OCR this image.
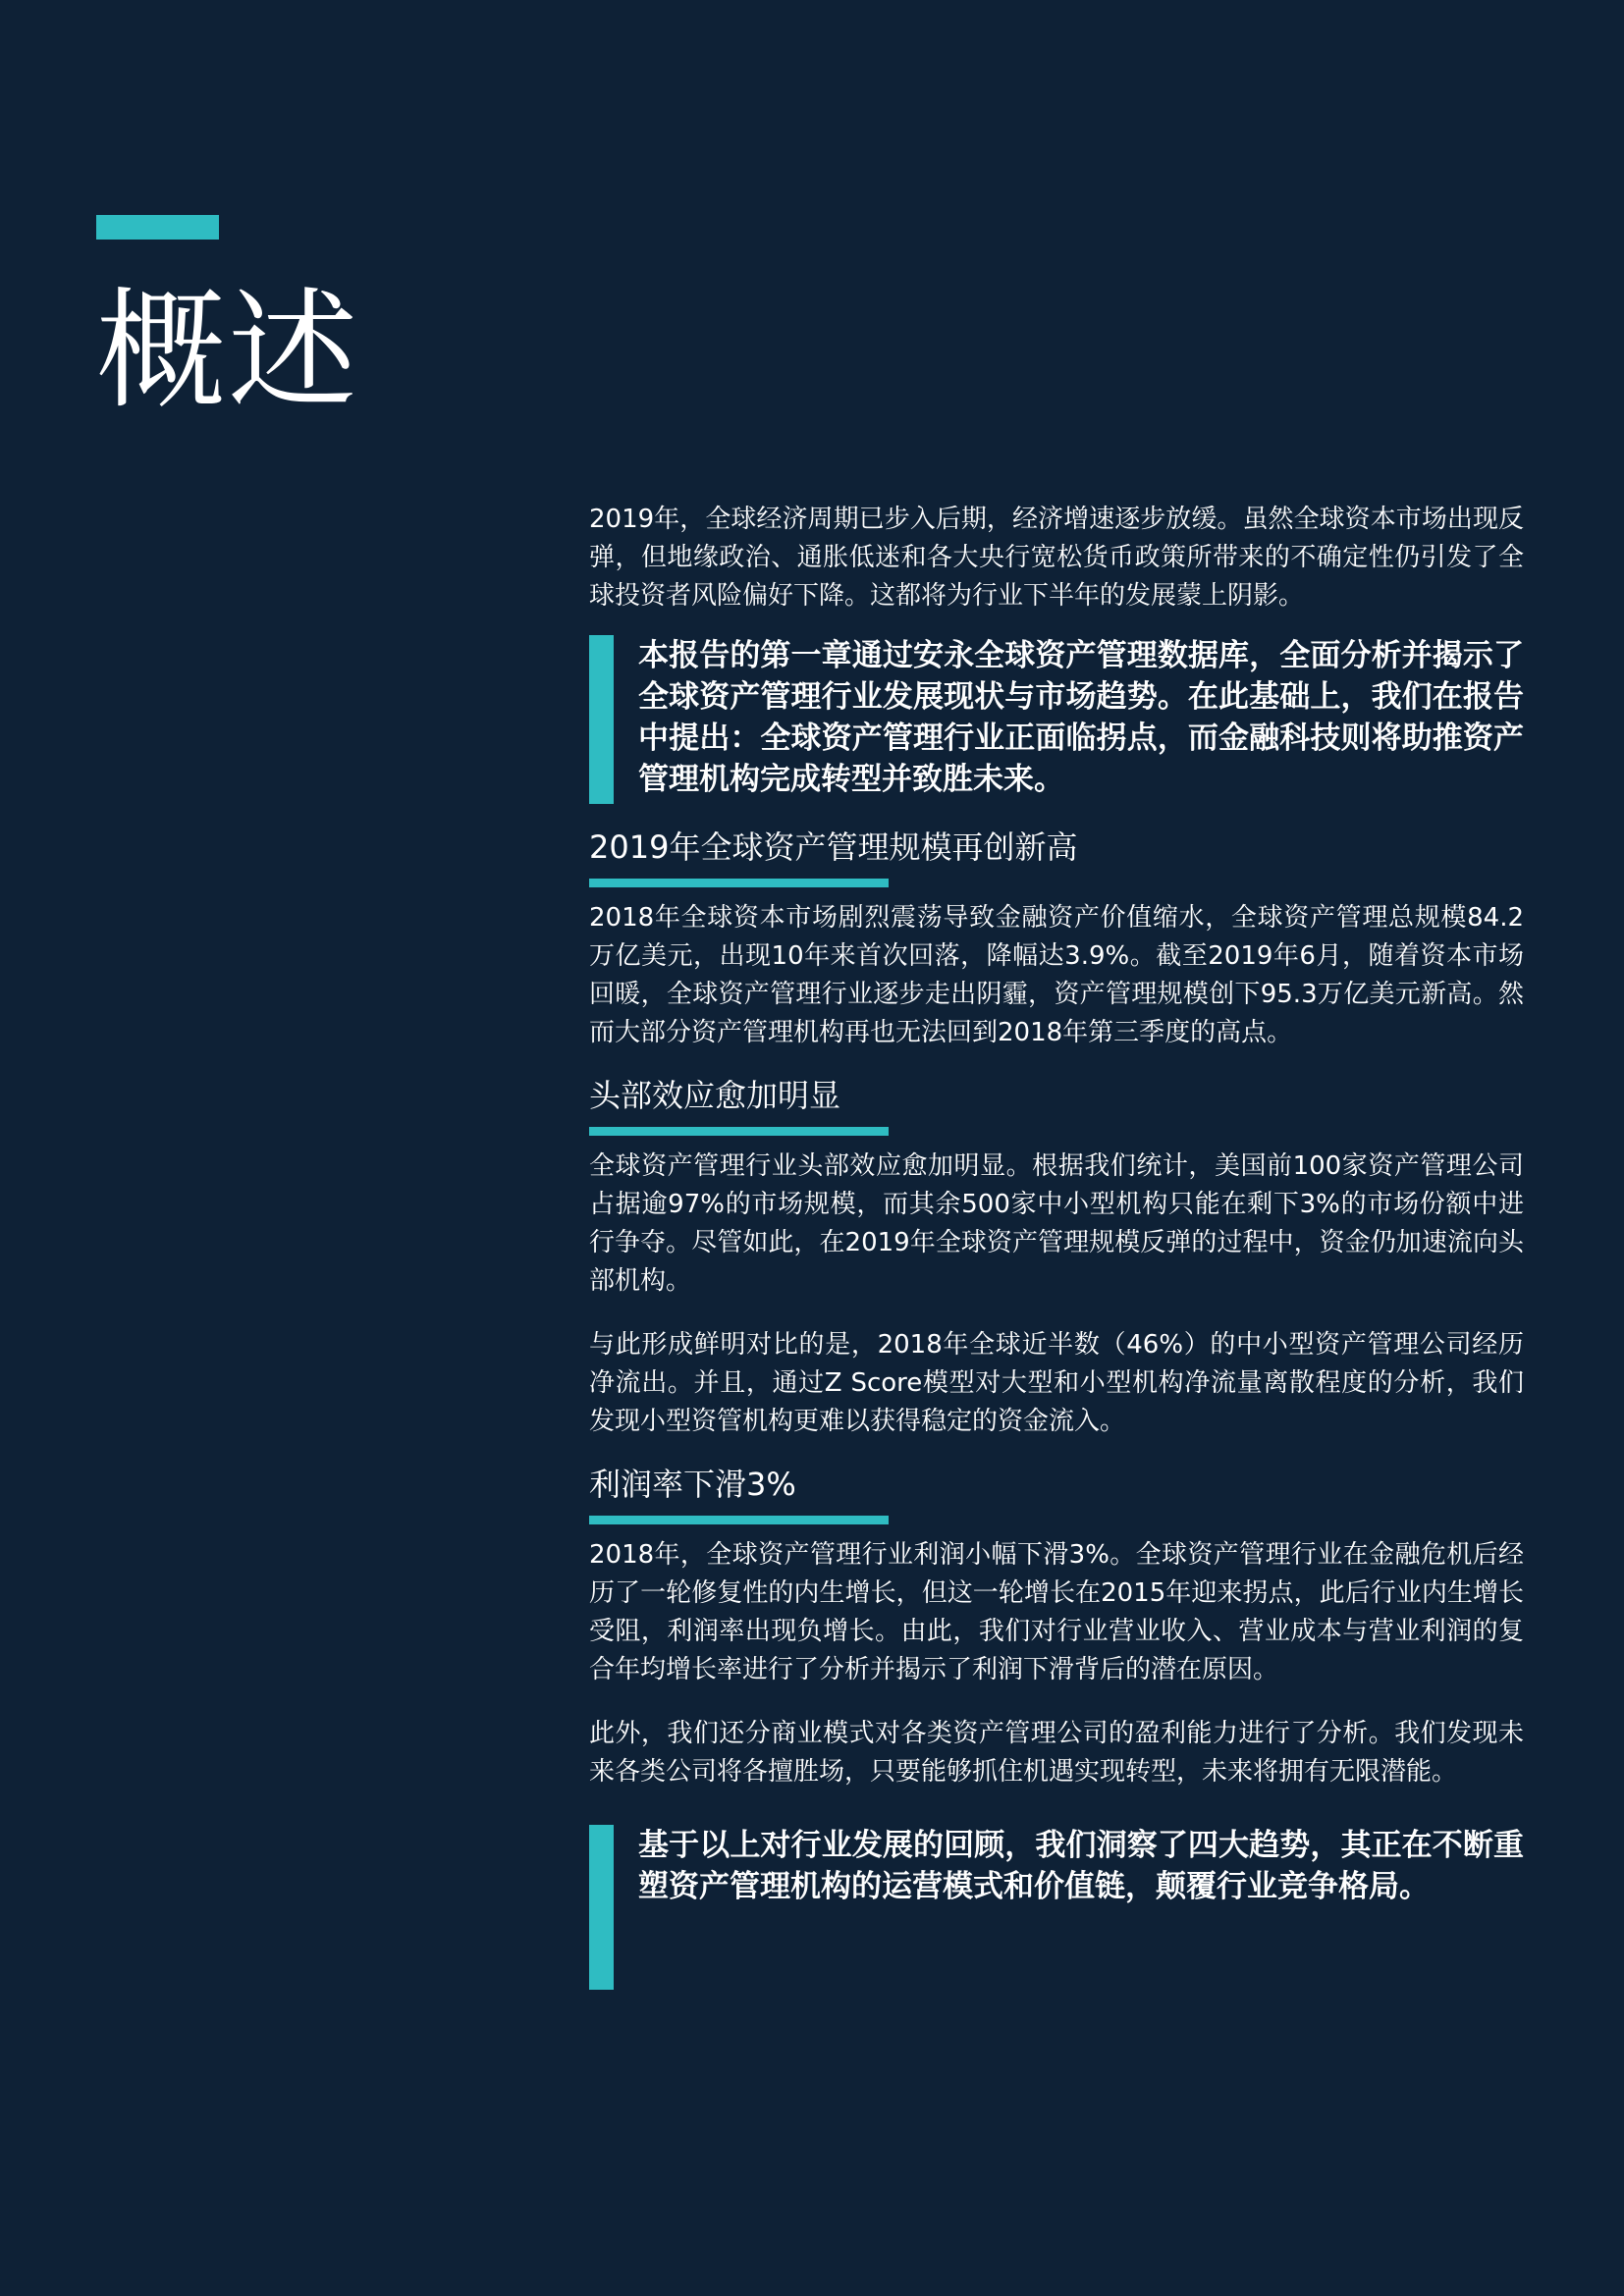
概述

2019年，全球经济周期已步入后期，经济增速逐步放缓。虽然全球资本市场出现反弹，但地缘政治、通胀低迷和各大央行宽松货币政策所带来的不确定性仍引发了全球投资者风险偏好下降。这都将为行业下半年的发展蒙上阴影。

本报告的第一章通过安永全球资产管理数据库，全面分析并揭示了全球资产管理行业发展现状与市场趋势。在此基础上，我们在报告中提出：全球资产管理行业正面临拐点，而金融科技则将助推资产管理机构完成转型并致胜未来。

2019年全球资产管理规模再创新高

2018年全球资本市场剧烈震荡导致金融资产价值缩水，全球资产管理总规模84.2万亿美元，出现10年来首次回落，降幅达3.9%。截至2019年6月，随着资本市场回暖，全球资产管理行业逐步走出阴霾，资产管理规模创下95.3万亿美元新高。然而大部分资产管理机构再也无法回到2018年第三季度的高点。

头部效应愈加明显

全球资产管理行业头部效应愈加明显。根据我们统计，美国前100家资产管理公司占据逾97%的市场规模，而其余500家中小型机构只能在剩下3%的市场份额中进行争夺。尽管如此，在2019年全球资产管理规模反弹的过程中，资金仍加速流向头部机构。

与此形成鲜明对比的是，2018年全球近半数（46%）的中小型资产管理公司经历净流出。并且，通过Z Score模型对大型和小型机构净流量离散程度的分析，我们发现小型资管机构更难以获得稳定的资金流入。

利润率下滑3%

2018年，全球资产管理行业利润小幅下滑3%。全球资产管理行业在金融危机后经历了一轮修复性的内生增长，但这一轮增长在2015年迎来拐点，此后行业内生增长受阻，利润率出现负增长。由此，我们对行业营业收入、营业成本与营业利润的复合年均增长率进行了分析并揭示了利润下滑背后的潜在原因。

此外，我们还分商业模式对各类资产管理公司的盈利能力进行了分析。我们发现未来各类公司将各擅胜场，只要能够抓住机遇实现转型，未来将拥有无限潜能。

基于以上对行业发展的回顾，我们洞察了四大趋势，其正在不断重塑资产管理机构的运营模式和价值链，颠覆行业竞争格局。
